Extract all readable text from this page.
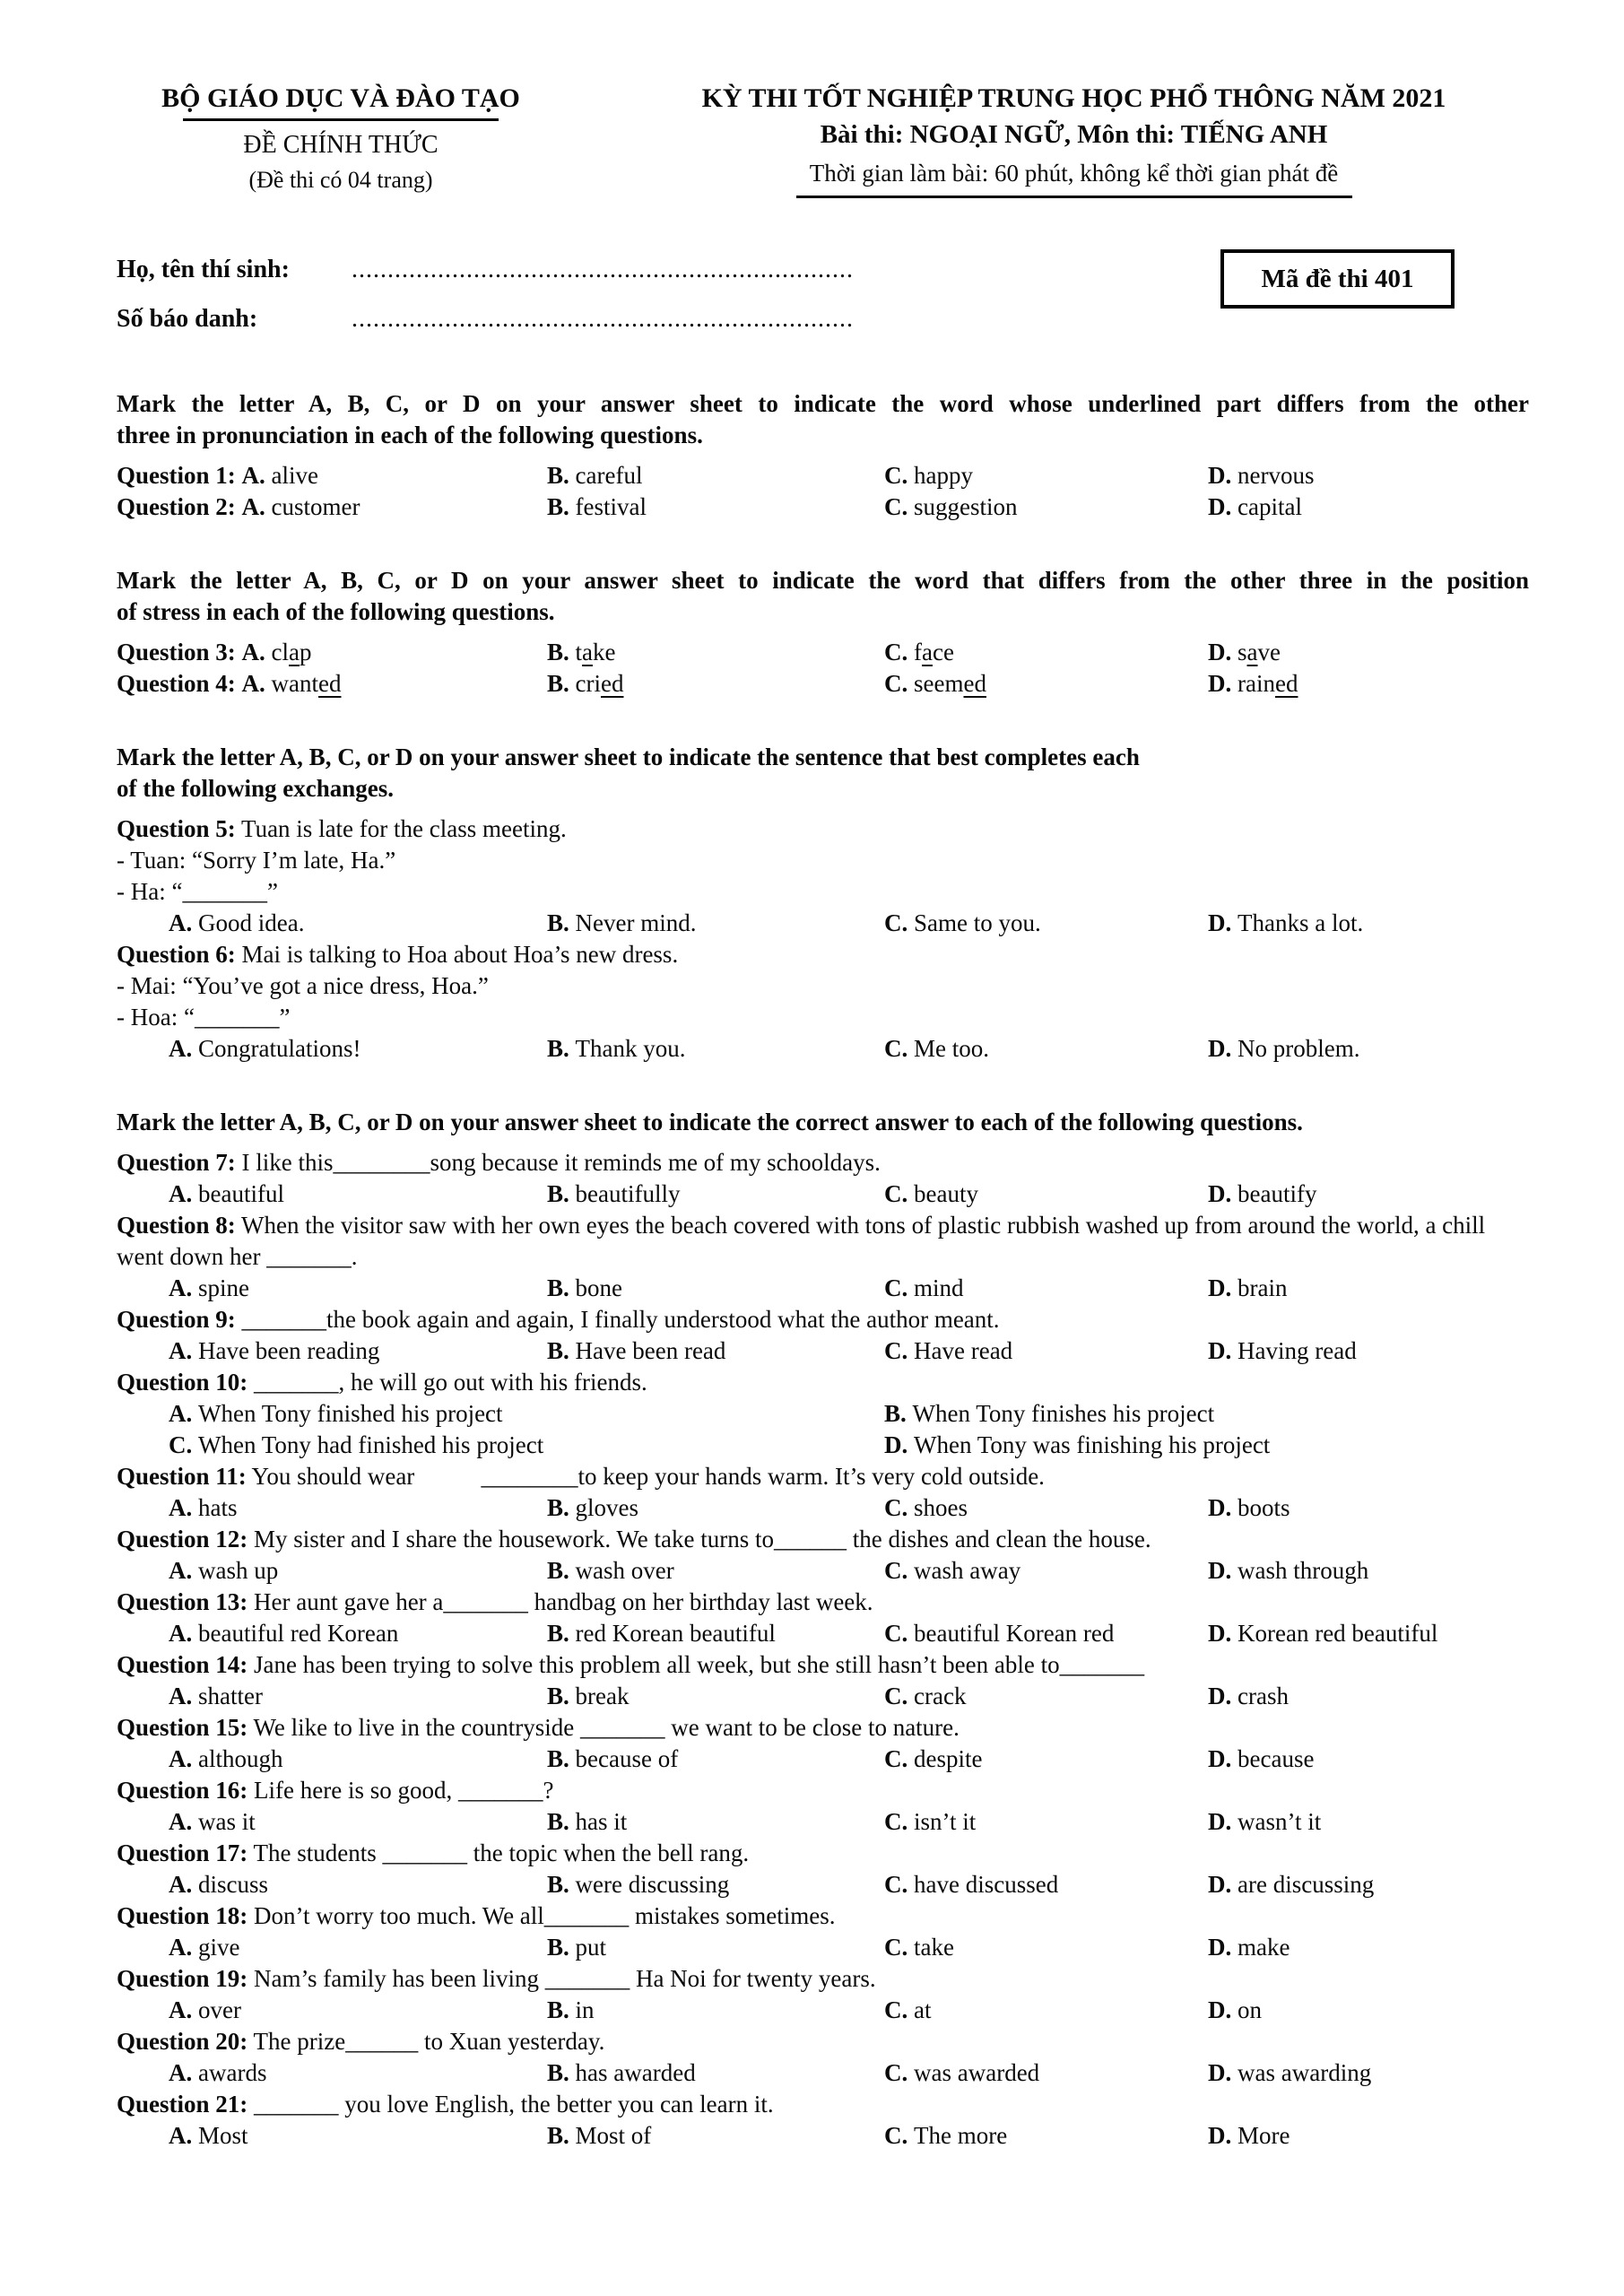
BỘ GIÁO DỤC VÀ ĐÀO TẠO
ĐỀ CHÍNH THỨC
(Đề thi có 04 trang)
KỲ THI TỐT NGHIỆP TRUNG HỌC PHỔ THÔNG NĂM 2021
Bài thi: NGOẠI NGỮ, Môn thi: TIẾNG ANH
Thời gian làm bài: 60 phút, không kể thời gian phát đề
Họ, tên thí sinh: ......................................................................
Số báo danh:	......................................................................
Mã đề thi 401
Mark the letter A, B, C, or D on your answer sheet to indicate the word whose underlined part differs from the other
three in pronunciation in each of the following questions.
Question 1: A. alive	B. careful	C. happy	D. nervous
Question 2: A. customer	B. festival	C. suggestion	D. capital
Mark the letter A, B, C, or D on your answer sheet to indicate the word that differs from the other three in the position
of stress in each of the following questions.
Question 3: A. clap	B. take	C. face	D. save
Question 4: A. wanted	B. cried	C. seemed	D. rained
Mark the letter A, B, C, or D on your answer sheet to indicate the sentence that best completes each
of the following exchanges.

Question 5: Tuan is late for the class meeting.

- Tuan: “Sorry I’m late, Ha.”

- Ha: “_______”

A. Good idea.	B. Never mind.	C. Same to you.	D. Thanks a lot.

Question 6: Mai is talking to Hoa about Hoa’s new dress.

- Mai: “You’ve got a nice dress, Hoa.”

- Hoa: “_______”

A. Congratulations!	B. Thank you.	C. Me too.	D. No problem.
Mark the letter A, B, C, or D on your answer sheet to indicate the correct answer to each of the following questions.

Question 7: I like this________song because it reminds me of my schooldays.

A. beautiful	B. beautifully	C. beauty	D. beautify

Question 8: When the visitor saw with her own eyes the beach covered with tons of plastic rubbish washed up from around the world, a chill went down her _______.

A. spine	B. bone	C. mind	D. brain

Question 9: _______the book again and again, I finally understood what the author meant.

A. Have been reading	B. Have been read	C. Have read	D. Having read

Question 10: _______, he will go out with his friends.

A. When Tony finished his project	B. When Tony finishes his project
C. When Tony had finished his project	D. When Tony was finishing his project

Question 11: You should wear           ________to keep your hands warm. It’s very cold outside.

A. hats	B. gloves	C. shoes	D. boots

Question 12: My sister and I share the housework. We take turns to______ the dishes and clean the house.

A. wash up	B. wash over	C. wash away	D. wash through

Question 13: Her aunt gave her a_______ handbag on her birthday last week.

A. beautiful red Korean	B. red Korean beautiful	C. beautiful Korean red	D. Korean red beautiful

Question 14: Jane has been trying to solve this problem all week, but she still hasn’t been able to_______

A. shatter	B. break	C. crack	D. crash

Question 15: We like to live in the countryside _______ we want to be close to nature.

A. although	B. because of	C. despite	D. because

Question 16: Life here is so good, _______?

A. was it	B. has it	C. isn’t it	D. wasn’t it

Question 17: The students _______ the topic when the bell rang.

A. discuss	B. were discussing	C. have discussed	D. are discussing

Question 18: Don’t worry too much. We all_______ mistakes sometimes.

A. give	B. put	C. take	D. make

Question 19: Nam’s family has been living _______ Ha Noi for twenty years.

A. over	B. in	C. at	D. on

Question 20: The prize______ to Xuan yesterday.

A. awards	B. has awarded	C. was awarded	D. was awarding

Question 21: _______ you love English, the better you can learn it.

A. Most	B. Most of	C. The more	D. More
